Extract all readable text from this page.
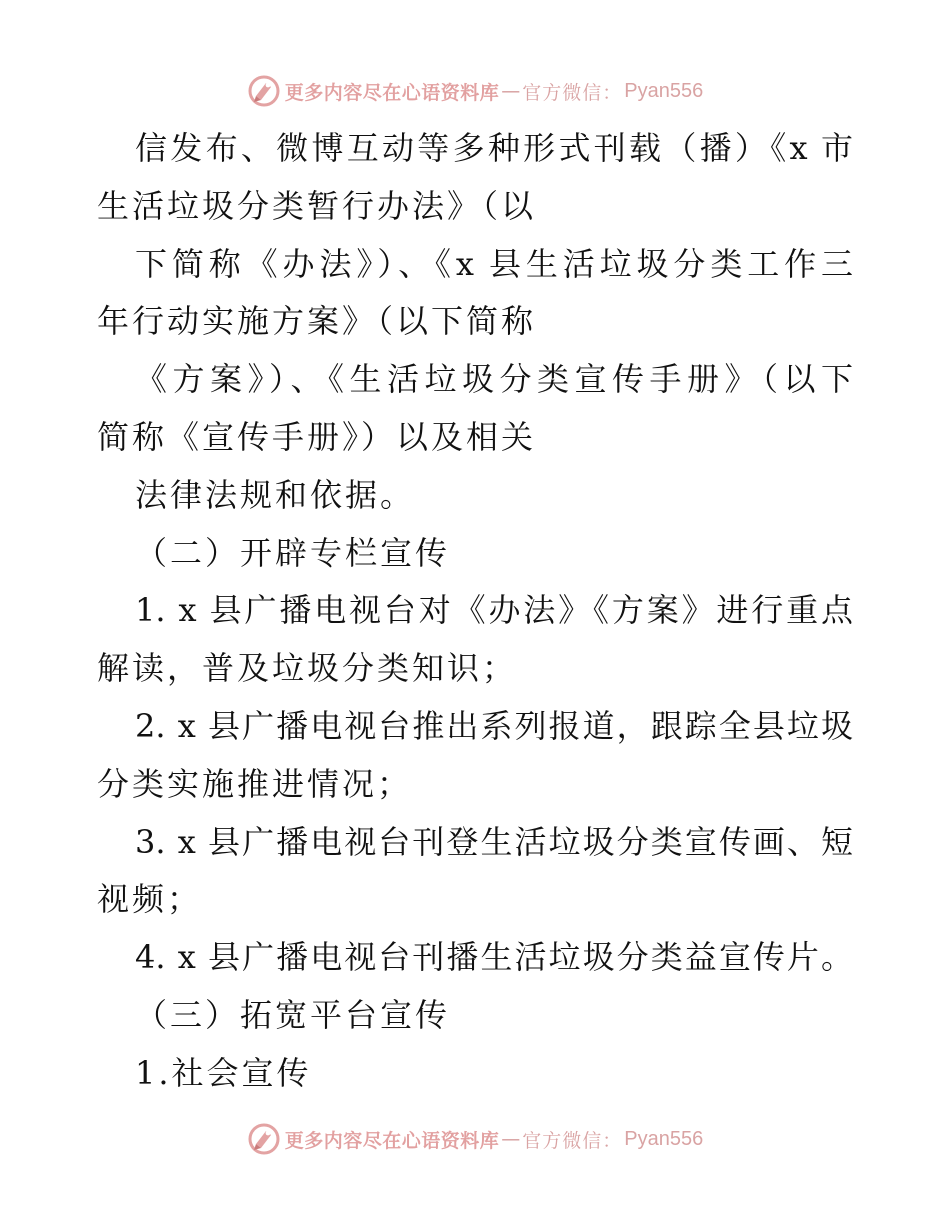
更多内容尽在心语资料库 — 官方微信： Pyan556
信发布、微博互动等多种形式刊载（播）《x 市
生活垃圾分类暂行办法》（以
下简称《办法》）、《x 县生活垃圾分类工作三
年行动实施方案》（以下简称
《方案》）、《生活垃圾分类宣传手册》（以下
简称《宣传手册》）以及相关
法律法规和依据。
（二）开辟专栏宣传
1. x 县广播电视台对《办法》《方案》进行重点
解读，普及垃圾分类知识；
2. x 县广播电视台推出系列报道，跟踪全县垃圾
分类实施推进情况；
3. x 县广播电视台刊登生活垃圾分类宣传画、短
视频；
4. x 县广播电视台刊播生活垃圾分类益宣传片。
（三）拓宽平台宣传
1.社会宣传
更多内容尽在心语资料库 — 官方微信： Pyan556
